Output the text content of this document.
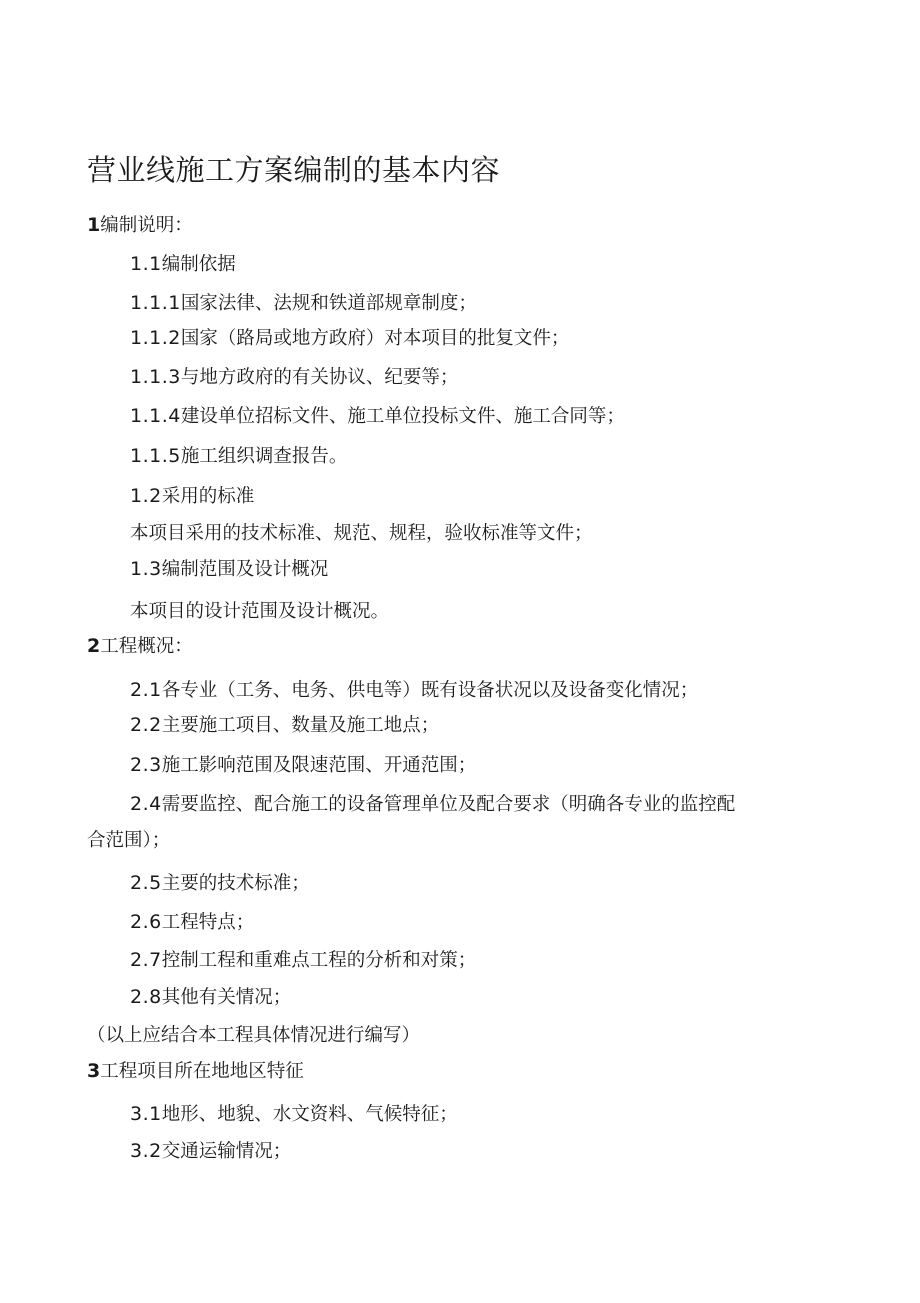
营业线施工方案编制的基本内容
1编制说明：
1.1编制依据
1.1.1国家法律、法规和铁道部规章制度；
1.1.2国家（路局或地方政府）对本项目的批复文件；
1.1.3与地方政府的有关协议、纪要等；
1.1.4建设单位招标文件、施工单位投标文件、施工合同等；
1.1.5施工组织调查报告。
1.2采用的标准
本项目采用的技术标准、规范、规程，验收标准等文件；
1.3编制范围及设计概况
本项目的设计范围及设计概况。
2工程概况：
2.1各专业（工务、电务、供电等）既有设备状况以及设备变化情况；
2.2主要施工项目、数量及施工地点；
2.3施工影响范围及限速范围、开通范围；
2.4需要监控、配合施工的设备管理单位及配合要求（明确各专业的监控配
合范围）；
2.5主要的技术标准；
2.6工程特点；
2.7控制工程和重难点工程的分析和对策；
2.8其他有关情况；
（以上应结合本工程具体情况进行编写）
3工程项目所在地地区特征
3.1地形、地貌、水文资料、气候特征；
3.2交通运输情况；
